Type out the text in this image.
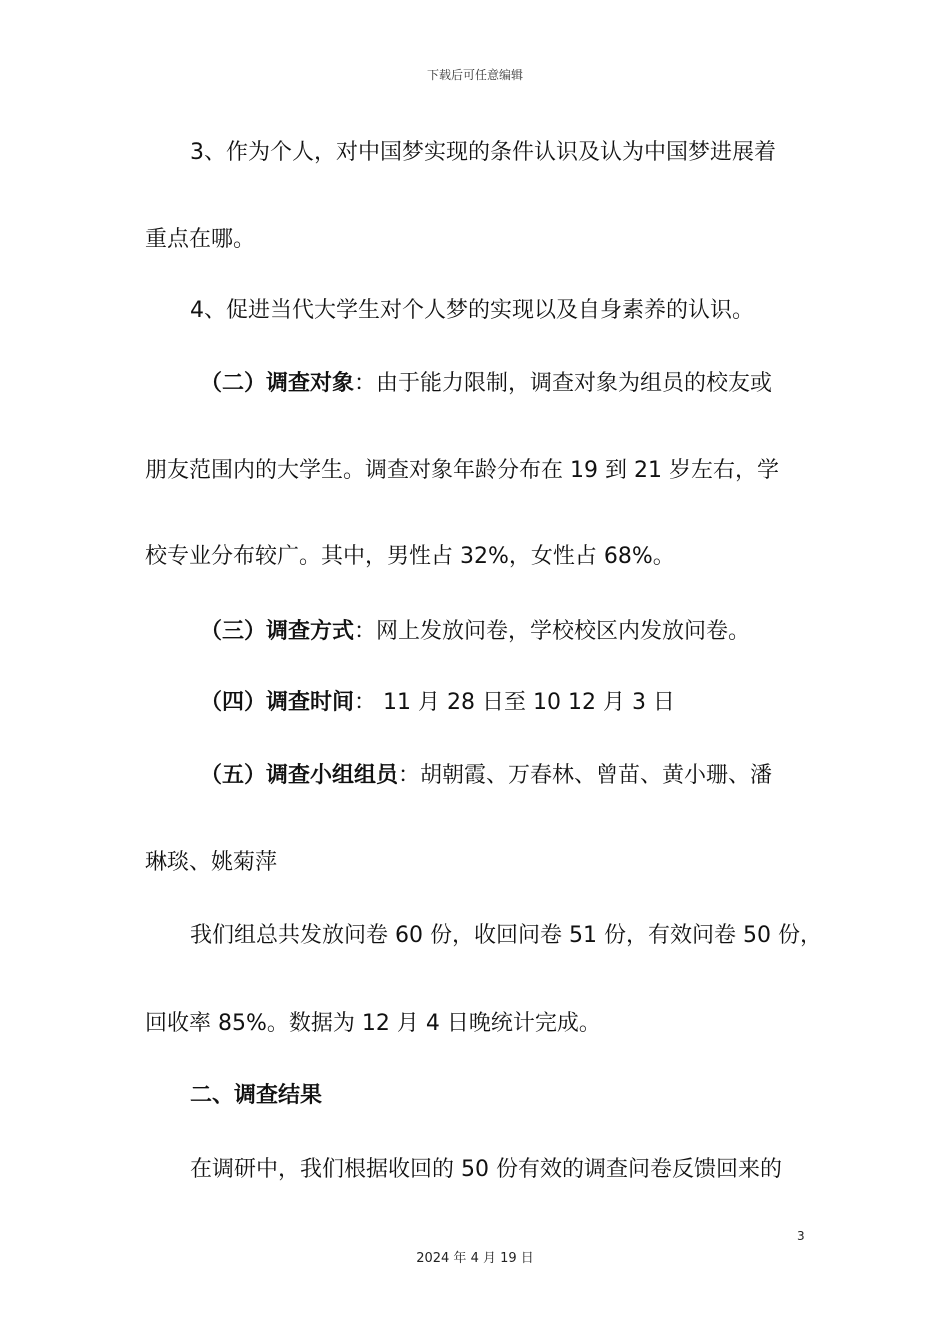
下载后可任意编辑
3、作为个人，对中国梦实现的条件认识及认为中国梦进展着
重点在哪。
4、促进当代大学生对个人梦的实现以及自身素养的认识。
（二）调查对象：由于能力限制，调查对象为组员的校友或
朋友范围内的大学生。调查对象年龄分布在 19 到 21 岁左右，学
校专业分布较广。其中，男性占 32%，女性占 68%。
（三）调查方式：网上发放问卷，学校校区内发放问卷。
（四）调查时间： 11 月 28 日至 10 12 月 3 日
（五）调查小组组员：胡朝霞、万春林、曾苗、黄小珊、潘
琳琰、姚菊萍
我们组总共发放问卷 60 份，收回问卷 51 份，有效问卷 50 份，
回收率 85%。数据为 12 月 4 日晚统计完成。
二、调查结果
在调研中，我们根据收回的 50 份有效的调查问卷反馈回来的
3
2024 年 4 月 19 日
